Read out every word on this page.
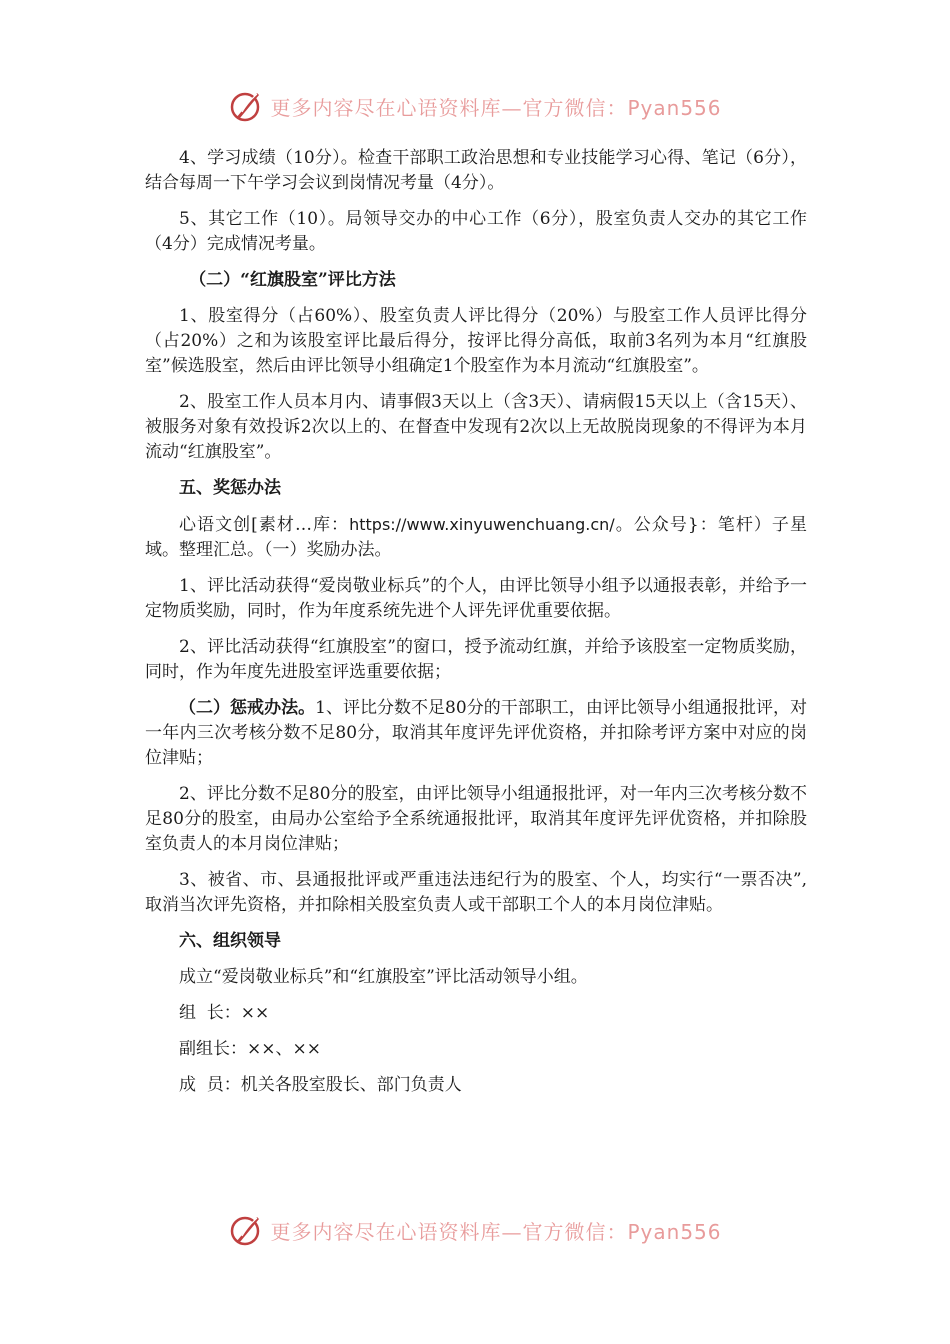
更多内容尽在心语资料库—官方微信：Pyan556

4、学习成绩（10分）。检查干部职工政治思想和专业技能学习心得、笔记（6分），结合每周一下午学习会议到岗情况考量（4分）。

5、其它工作（10）。局领导交办的中心工作（6分），股室负责人交办的其它工作（4分）完成情况考量。

（二）“红旗股室”评比方法

1、股室得分（占60%）、股室负责人评比得分（20%）与股室工作人员评比得分（占20%）之和为该股室评比最后得分，按评比得分高低，取前3名列为本月“红旗股室”候选股室，然后由评比领导小组确定1个股室作为本月流动“红旗股室”。

2、股室工作人员本月内、请事假3天以上（含3天）、请病假15天以上（含15天）、被服务对象有效投诉2次以上的、在督查中发现有2次以上无故脱岗现象的不得评为本月流动“红旗股室”。

五、奖惩办法

心语文创[素材…库：https://www.xinyuwenchuang.cn/。公众号}：笔杆）子星域。整理汇总。（一）奖励办法。

1、评比活动获得“爱岗敬业标兵”的个人，由评比领导小组予以通报表彰，并给予一定物质奖励，同时，作为年度系统先进个人评先评优重要依据。

2、评比活动获得“红旗股室”的窗口，授予流动红旗，并给予该股室一定物质奖励，同时，作为年度先进股室评选重要依据；

（二）惩戒办法。1、评比分数不足80分的干部职工，由评比领导小组通报批评，对一年内三次考核分数不足80分，取消其年度评先评优资格，并扣除考评方案中对应的岗位津贴；

2、评比分数不足80分的股室，由评比领导小组通报批评，对一年内三次考核分数不足80分的股室，由局办公室给予全系统通报批评，取消其年度评先评优资格，并扣除股室负责人的本月岗位津贴；

3、被省、市、县通报批评或严重违法违纪行为的股室、个人，均实行“一票否决”,取消当次评先资格，并扣除相关股室负责人或干部职工个人的本月岗位津贴。

六、组织领导

成立“爱岗敬业标兵”和“红旗股室”评比活动领导小组。

组  长：××

副组长：××、××

成  员：机关各股室股长、部门负责人

更多内容尽在心语资料库—官方微信：Pyan556
